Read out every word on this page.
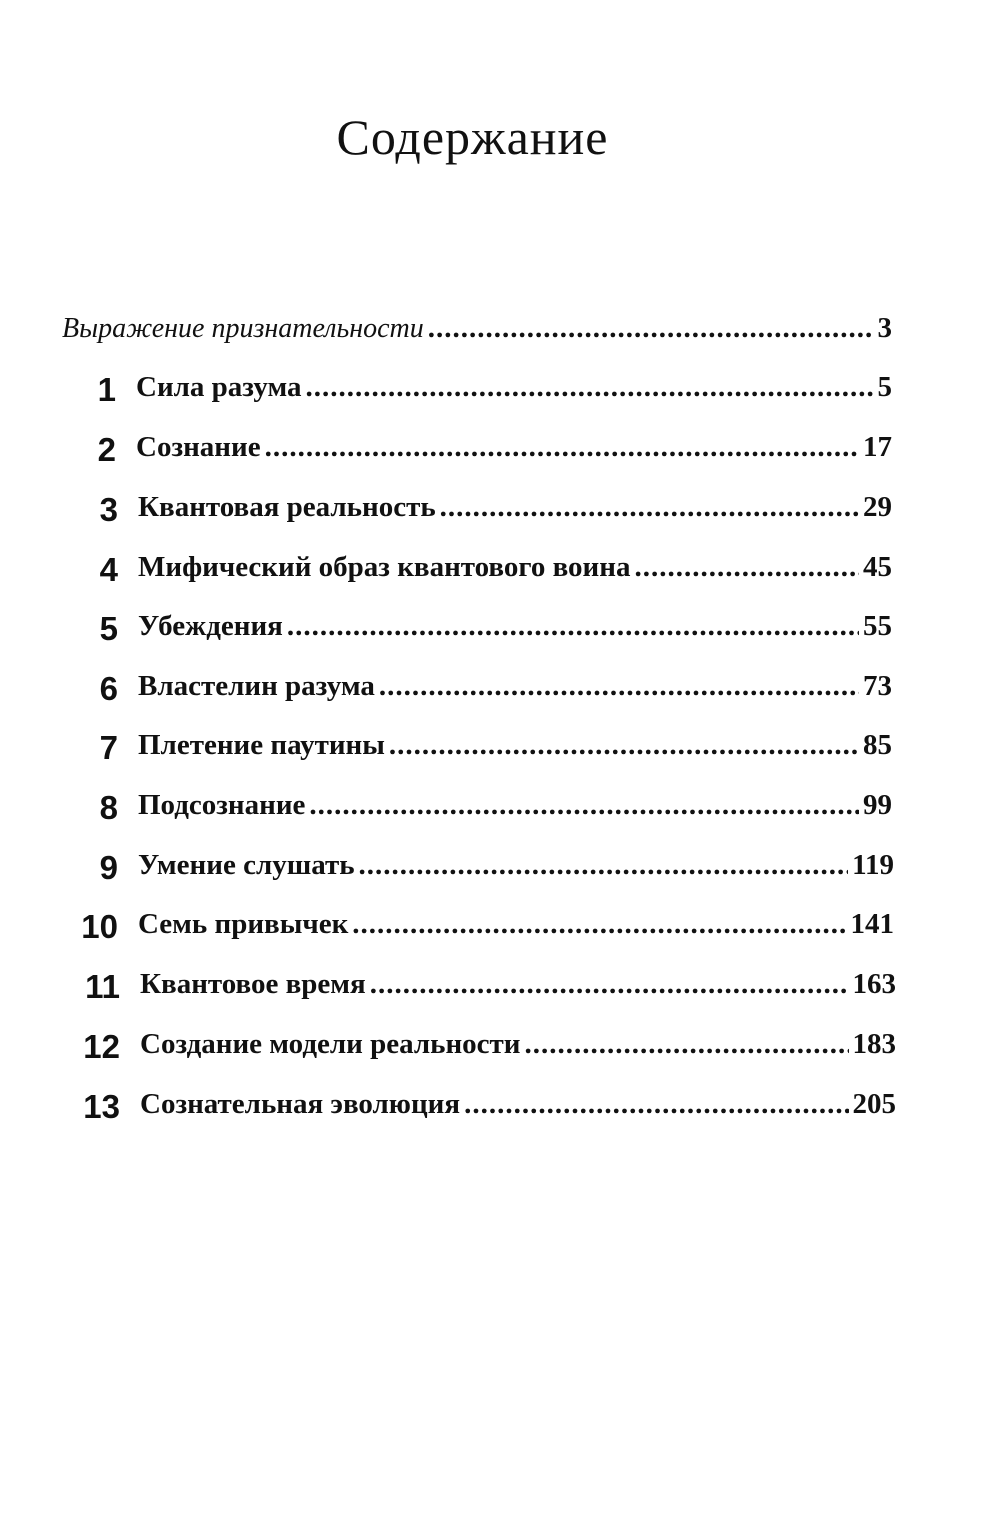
Содержание
Выражение признательности .....	3
1 Сила разума .....	5
2 Сознание .....	17
3 Квантовая реальность .....	29
4 Мифический образ квантового воина .....	45
5 Убеждения .....	55
6 Властелин разума .....	73
7 Плетение паутины .....	85
8 Подсознание .....	99
9 Умение слушать .....	119
10 Семь привычек .....	141
11 Квантовое время .....	163
12 Создание модели реальности .....	183
13 Сознательная эволюция .....	205
